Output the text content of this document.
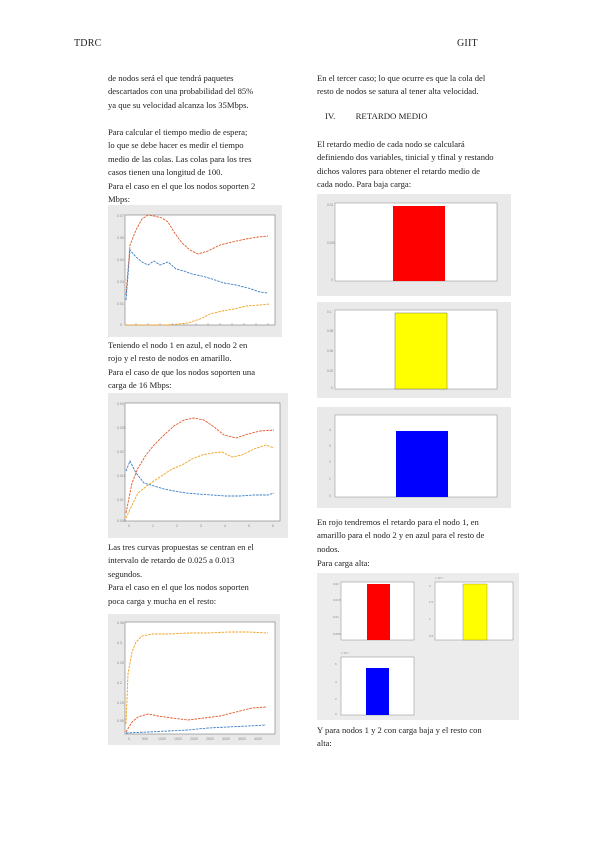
TDRC	GIIT

de nodos será el que tendrá paquetes

descartados con una probabilidad del 85%

ya que su velocidad alcanza los 35Mbps.

Para calcular el tiempo medio de espera;

lo que se debe hacer es medir el tiempo

medio de las colas. Las colas para los tres

casos tienen una longitud de 100.

Para el caso en el que los nodos soporten 2

Mbps:

0.07
0.05
0.04
0.03
0.01
0

Teniendo el nodo 1 en azul, el nodo 2 en

rojo y el resto de nodos en amarillo.

Para el caso de que los nodos soporten una

carga de 16 Mbps:

0.03
0.025
0.02
0.015
0.01
0.005
0	1	2	3	4	5	6

Las tres curvas propuestas se centran en el

intervalo de retardo de 0.025 a 0.013

segundos.

Para el caso en el que los nodos soporten

poca carga y mucha en el resto:

0.35
0.3
0.25
0.2
0.15
0.05
0	500	1000 1500 2000 2500 3000 3500 4000

En el tercer caso; lo que ocurre es que la cola del

resto de nodos se satura al tener alta velocidad.

IV. RETARDO MEDIO

El retardo medio de cada nodo se calculará

definiendo dos variables, tinicial y tfinal y restando

dichos valores para obtener el retardo medio de

cada nodo. Para baja carga:

0.01
0.005
0
0.1
0.08
0.06
0.02
0
4
3
2
1
0

En rojo tendremos el retardo para el nodo 1, en

amarillo para el nodo 2 y en azul para el resto de

nodos.

Para carga alta:

0.02
0.015
0.01
0.005
x 10⁻³
2
1.5
1
0.5
x 10⁻³
6
4
2
0

Y para nodos 1 y 2 con carga baja y el resto con

alta:
